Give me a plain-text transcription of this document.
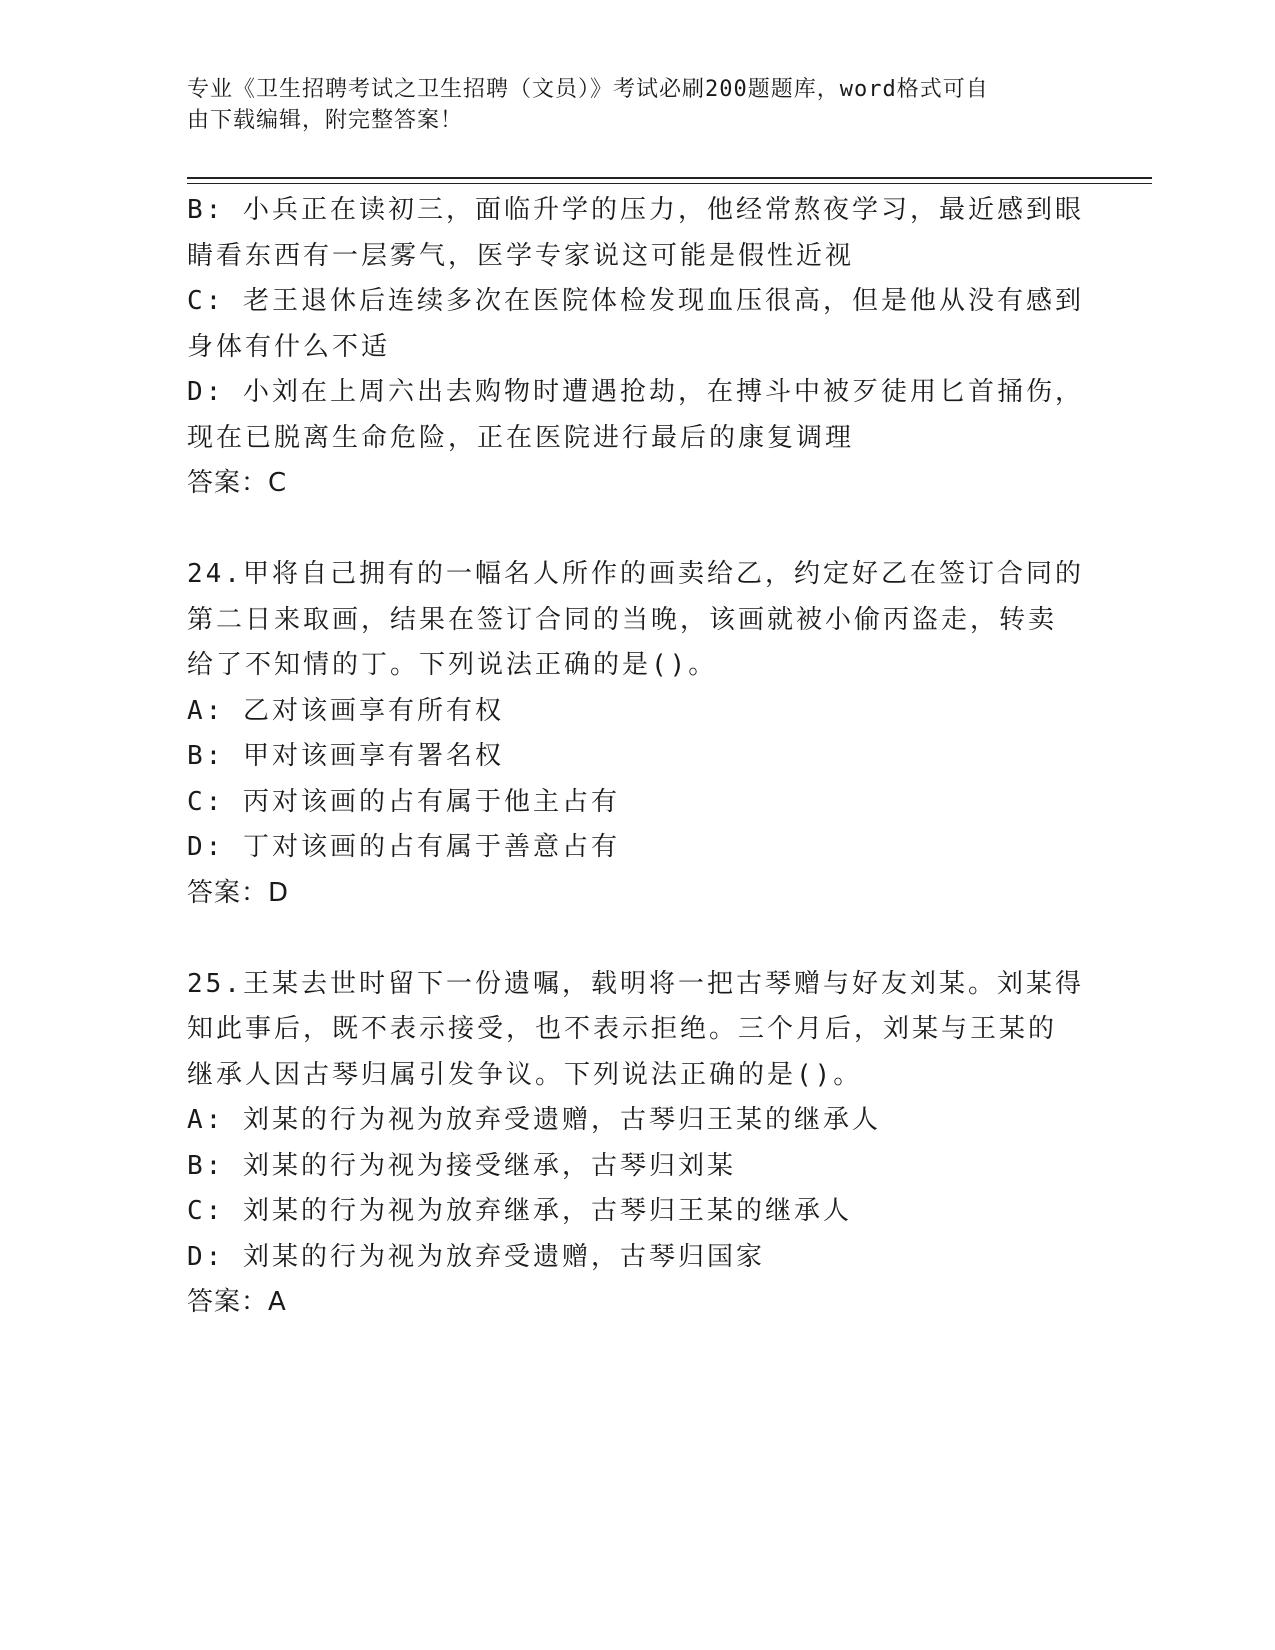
专业《卫生招聘考试之卫生招聘（文员）》考试必刷200题题库，word格式可自
由下载编辑，附完整答案！
B: 小兵正在读初三，面临升学的压力，他经常熬夜学习，最近感到眼
睛看东西有一层雾气，医学专家说这可能是假性近视
C: 老王退休后连续多次在医院体检发现血压很高，但是他从没有感到
身体有什么不适
D: 小刘在上周六出去购物时遭遇抢劫，在搏斗中被歹徒用匕首捅伤，
现在已脱离生命危险，正在医院进行最后的康复调理
答案：C
24.甲将自己拥有的一幅名人所作的画卖给乙，约定好乙在签订合同的
第二日来取画，结果在签订合同的当晚，该画就被小偷丙盗走，转卖
给了不知情的丁。下列说法正确的是()。
A: 乙对该画享有所有权
B: 甲对该画享有署名权
C: 丙对该画的占有属于他主占有
D: 丁对该画的占有属于善意占有
答案：D
25.王某去世时留下一份遗嘱，载明将一把古琴赠与好友刘某。刘某得
知此事后，既不表示接受，也不表示拒绝。三个月后，刘某与王某的
继承人因古琴归属引发争议。下列说法正确的是()。
A: 刘某的行为视为放弃受遗赠，古琴归王某的继承人
B: 刘某的行为视为接受继承，古琴归刘某
C: 刘某的行为视为放弃继承，古琴归王某的继承人
D: 刘某的行为视为放弃受遗赠，古琴归国家
答案：A
